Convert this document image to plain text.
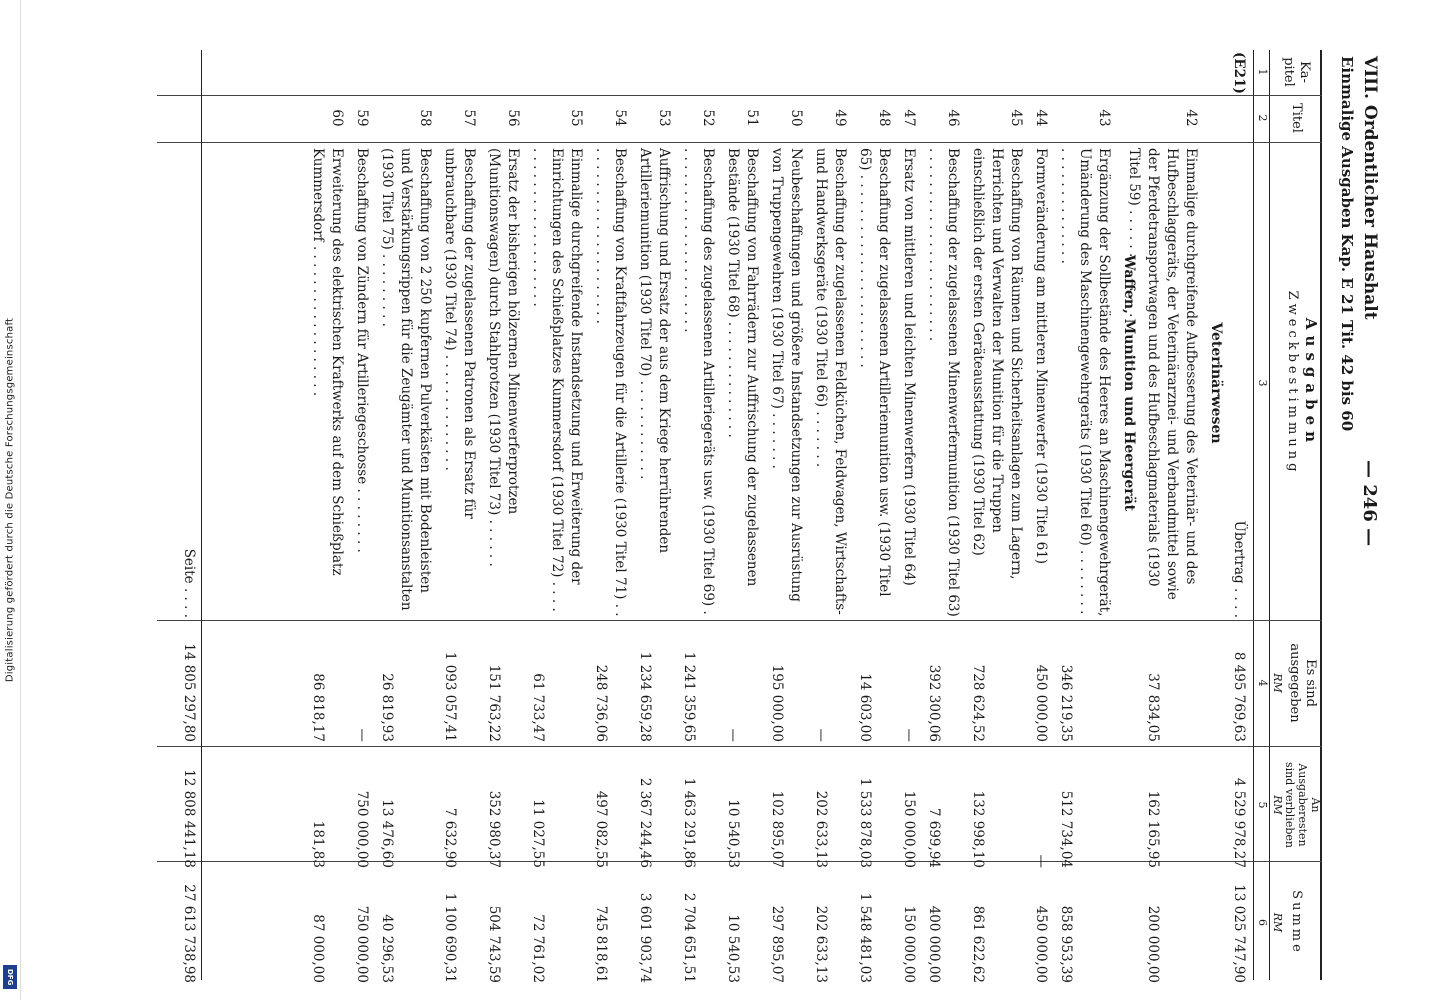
Digitalisierung gefördert durch die Deutsche Forschungsgemeinschaft
DFG
VIII. Ordentlicher Haushalt
Einmalige Ausgaben Kap. E 21 Tit. 42 bis 60
— 246 —
Ka-
pitel
Titel
Ausgaben
Zweckbestimmung
Es sind
ausgegeben
An
Ausgaberesten
sind verblieben
Summe
1
2
3
4
5
6
RM
RM
RM
(E21)
Übertrag . . . .
8 495 769,63
4 529 978,27
13 025 747,90
Veterinärwesen
42
Einmalige durchgreifende Aufbesserung des Veterinär- und des Hufbeschlaggeräts, der Veterinärarznei- und Verbandmittel sowie der Pferdetransportwagen und des Hufbeschlagmaterials (1930 Titel 59) . . . . . . . . . . . . . .
37 834,05
162 165,95
200 000,00
Waffen, Munition und Heergerät
43
Ergänzung der Sollbestände des Heeres an Maschinengewehrgerät, Umänderung des Maschinengewehrgeräts (1930 Titel 60) . . . . . . . . . . . . . . . . . . . . . .
346 219,35
512 734,04
858 953,39
44
Formveränderung am mittleren Minenwerfer (1930 Titel 61)
450 000,00
—
450 000,00
45
Beschaffung von Räumen und Sicherheitsanlagen zum Lagern, Herrichten und Verwalten der Munition für die Truppen einschließlich der ersten Geräteausstattung (1930 Titel 62)
728 624,52
132 998,10
861 622,62
46
Beschaffung der zugelassenen Minenwerfermunition (1930 Titel 63) . . . . . . . . . . . . . . . . . . . . . . .
392 300,06
7 699,94
400 000,00
47
Ersatz von mittleren und leichten Minenwerfern (1930 Titel 64)
—
150 000,00
150 000,00
48
Beschaffung der zugelassenen Artilleriemunition usw. (1930 Titel 65) . . . . . . . . . . . . . . . . . . . . . . .
14 603,00
1 533 878,03
1 548 481,03
49
Beschaffung der zugelassenen Feldküchen, Feldwagen, Wirtschafts- und Handwerksgeräte (1930 Titel 66) . . . . . . .
—
202 633,13
202 633,13
50
Neubeschaffungen und größere Instandsetzungen zur Ausrüstung von Truppengewehren (1930 Titel 67) . . . . . . .
195 000,00
102 895,07
297 895,07
51
Beschaffung von Fahrrädern zur Auffrischung der zugelassenen Bestände (1930 Titel 68) . . . . . . . . . . . . . .
—
10 540,53
10 540,53
52
Beschaffung des zugelassenen Artilleriegeräts usw. (1930 Titel 69) . . . . . . . . . . . . . . . . . . . . . . .
1 241 359,65
1 463 291,86
2 704 651,51
53
Auffrischung und Ersatz der aus dem Kriege herrührenden Artilleriemunition (1930 Titel 70) . . . . . . . . . . . .
1 234 659,28
2 367 244,46
3 601 903,74
54
Beschaffung von Kraftfahrzeugen für die Artillerie (1930 Titel 71) . . . . . . . . . . . . . . . . . . . . . . .
248 736,06
497 082,55
745 818,61
55
Einmalige durchgreifende Instandsetzung und Erweiterung der Einrichtungen des Schießplatzes Kummersdorf (1930 Titel 72) . . . . . . . . . . . . . . . . . . . . . . .
61 733,47
11 027,55
72 761,02
56
Ersatz der bisherigen hölzernen Minenwerferprotzen (Munitionswagen) durch Stahlprotzen (1930 Titel 73) . . . . . .
151 763,22
352 980,37
504 743,59
57
Beschaffung der zugelassenen Patronen als Ersatz für unbrauchbare (1930 Titel 74) . . . . . . . . . . . . . .
1 093 057,41
7 632,90
1 100 690,31
58
Beschaffung von 2 250 kupfernen Pulverkästen mit Bodenleisten und Verstärkungsrippen für die Zeugämter und Munitionsanstalten (1930 Titel 75) . . . . . . . . .
26 819,93
13 476,60
40 296,53
59
Beschaffung von Zündern für Artilleriegeschosse . . . . . . . .
—
750 000,00
750 000,00
60
Erweiterung des elektrischen Kraftwerks auf dem Schießplatz Kummersdorf . . . . . . . . . . . . . . . . . .
86 818,17
181,83
87 000,00
Seite . . . .
14 805 297,80
12 808 441,18
27 613 738,98
